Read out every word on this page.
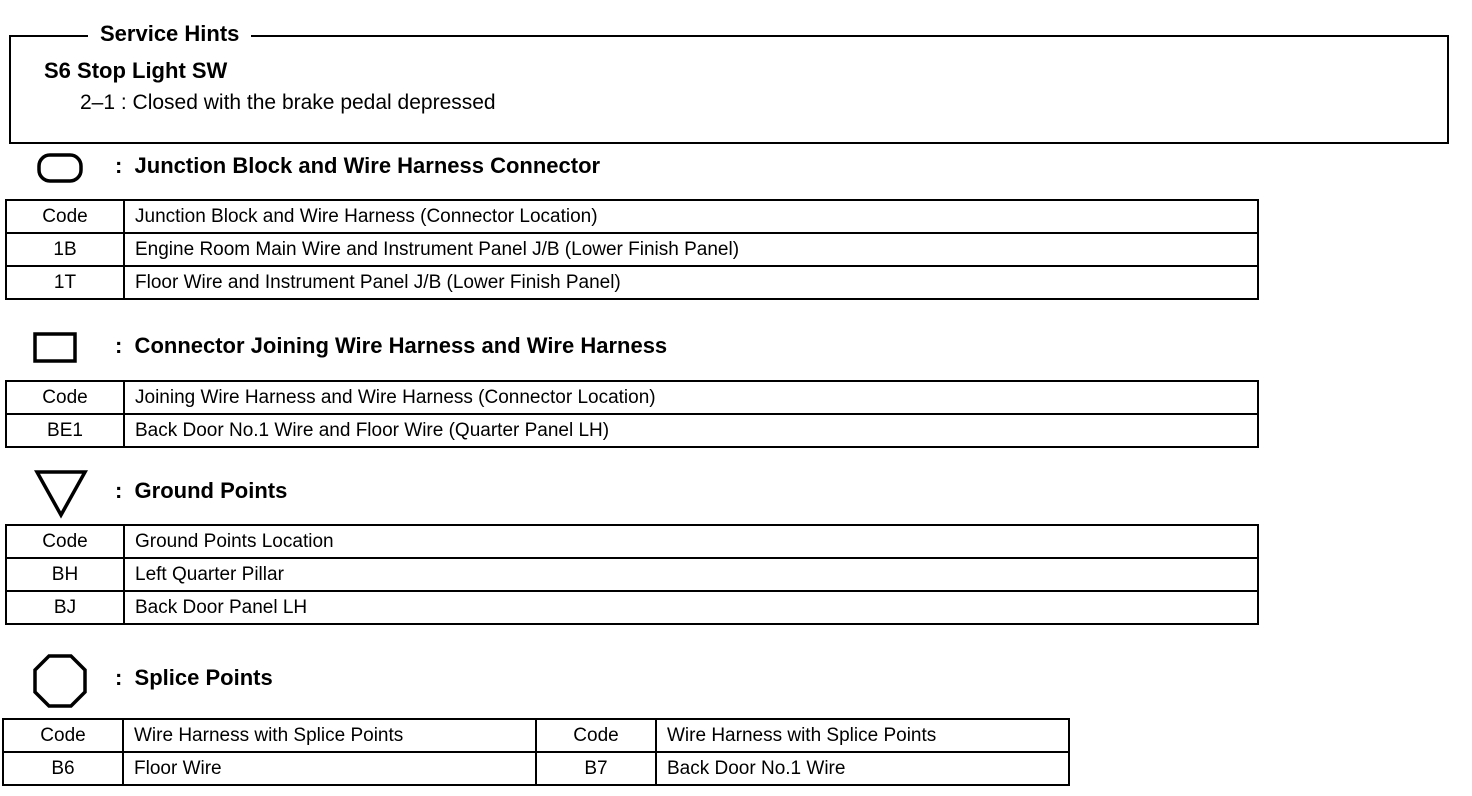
Service Hints
S6 Stop Light SW
2–1 : Closed with the brake pedal depressed
:  Junction Block and Wire Harness Connector
Code	Junction Block and Wire Harness (Connector Location)
1B	Engine Room Main Wire and Instrument Panel J/B (Lower Finish Panel)
1T	Floor Wire and Instrument Panel J/B (Lower Finish Panel)
:  Connector Joining Wire Harness and Wire Harness
Code	Joining Wire Harness and Wire Harness (Connector Location)
BE1	Back Door No.1 Wire and Floor Wire (Quarter Panel LH)
:  Ground Points
Code	Ground Points Location
BH	Left Quarter Pillar
BJ	Back Door Panel LH
:  Splice Points
Code	Wire Harness with Splice Points	Code	Wire Harness with Splice Points
B6	Floor Wire	B7	Back Door No.1 Wire
